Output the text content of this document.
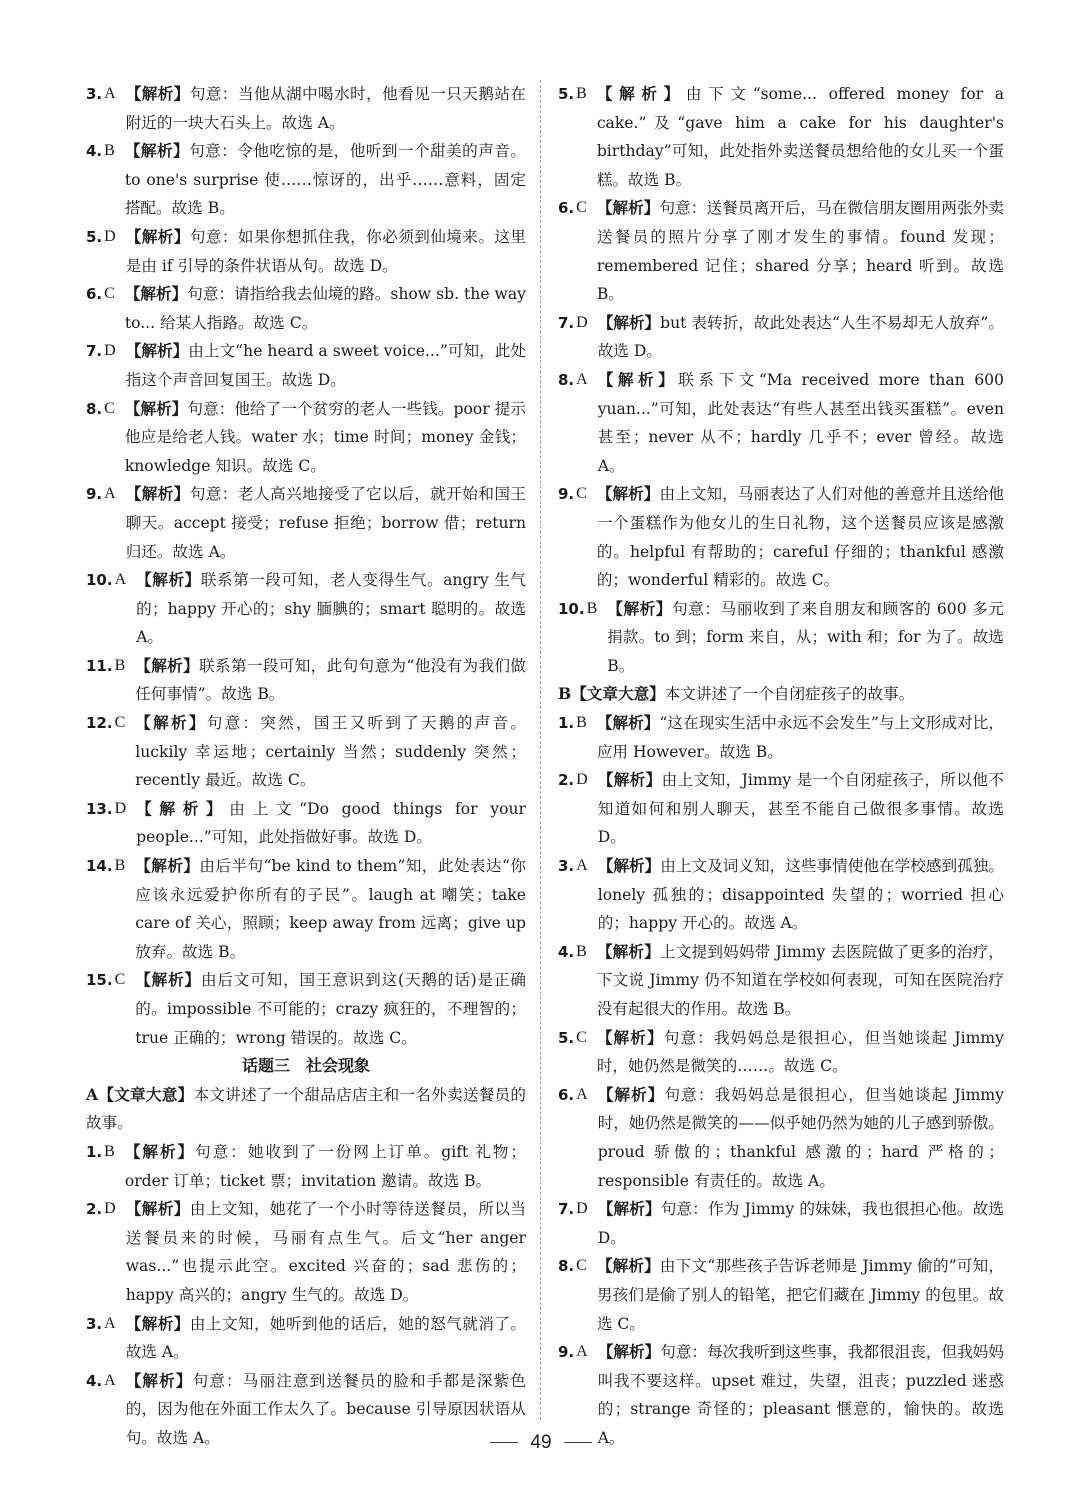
3. A 【解析】句意：当他从湖中喝水时，他看见一只天鹅站在附近的一块大石头上。故选 A。
4. B 【解析】句意：令他吃惊的是，他听到一个甜美的声音。to one's surprise 使……惊讶的，出乎……意料，固定搭配。故选 B。
5. D 【解析】句意：如果你想抓住我，你必须到仙境来。这里是由 if 引导的条件状语从句。故选 D。
6. C 【解析】句意：请指给我去仙境的路。show sb. the way to... 给某人指路。故选 C。
7. D 【解析】由上文“he heard a sweet voice...”可知，此处指这个声音回复国王。故选 D。
8. C 【解析】句意：他给了一个贫穷的老人一些钱。poor 提示他应是给老人钱。water 水；time 时间；money 金钱；knowledge 知识。故选 C。
9. A 【解析】句意：老人高兴地接受了它以后，就开始和国王聊天。accept 接受；refuse 拒绝；borrow 借；return 归还。故选 A。
10. A 【解析】联系第一段可知，老人变得生气。angry 生气的；happy 开心的；shy 腼腆的；smart 聪明的。故选 A。
11. B 【解析】联系第一段可知，此句句意为“他没有为我们做任何事情”。故选 B。
12. C 【解析】句意：突然，国王又听到了天鹅的声音。luckily 幸运地；certainly 当然；suddenly 突然；recently 最近。故选 C。
13. D 【解析】由上文“Do good things for your people...”可知，此处指做好事。故选 D。
14. B 【解析】由后半句“be kind to them”知，此处表达“你应该永远爱护你所有的子民”。laugh at 嘲笑；take care of 关心，照顾；keep away from 远离；give up 放弃。故选 B。
15. C 【解析】由后文可知，国王意识到这(天鹅的话)是正确的。impossible 不可能的；crazy 疯狂的，不理智的；true 正确的；wrong 错误的。故选 C。
话题三　社会现象
A【文章大意】本文讲述了一个甜品店店主和一名外卖送餐员的故事。
1. B 【解析】句意：她收到了一份网上订单。gift 礼物；order 订单；ticket 票；invitation 邀请。故选 B。
2. D 【解析】由上文知，她花了一个小时等待送餐员，所以当送餐员来的时候，马丽有点生气。后文“her anger was...”也提示此空。excited 兴奋的；sad 悲伤的；happy 高兴的；angry 生气的。故选 D。
3. A 【解析】由上文知，她听到他的话后，她的怒气就消了。故选 A。
4. A 【解析】句意：马丽注意到送餐员的脸和手都是深紫色的，因为他在外面工作太久了。because 引导原因状语从句。故选 A。
5. B 【解析】由下文“some... offered money for a cake.”及“gave him a cake for his daughter's birthday”可知，此处指外卖送餐员想给他的女儿买一个蛋糕。故选 B。
6. C 【解析】句意：送餐员离开后，马在微信朋友圈用两张外卖送餐员的照片分享了刚才发生的事情。found 发现；remembered 记住；shared 分享；heard 听到。故选 B。
7. D 【解析】but 表转折，故此处表达“人生不易却无人放弃”。故选 D。
8. A 【解析】联系下文“Ma received more than 600 yuan...”可知，此处表达“有些人甚至出钱买蛋糕”。even 甚至；never 从不；hardly 几乎不；ever 曾经。故选 A。
9. C 【解析】由上文知，马丽表达了人们对他的善意并且送给他一个蛋糕作为他女儿的生日礼物，这个送餐员应该是感激的。helpful 有帮助的；careful 仔细的；thankful 感激的；wonderful 精彩的。故选 C。
10. B 【解析】句意：马丽收到了来自朋友和顾客的 600 多元捐款。to 到；form 来自，从；with 和；for 为了。故选 B。
B【文章大意】本文讲述了一个自闭症孩子的故事。
1. B 【解析】“这在现实生活中永远不会发生”与上文形成对比，应用 However。故选 B。
2. D 【解析】由上文知，Jimmy 是一个自闭症孩子，所以他不知道如何和别人聊天，甚至不能自己做很多事情。故选 D。
3. A 【解析】由上文及词义知，这些事情使他在学校感到孤独。lonely 孤独的；disappointed 失望的；worried 担心的；happy 开心的。故选 A。
4. B 【解析】上文提到妈妈带 Jimmy 去医院做了更多的治疗，下文说 Jimmy 仍不知道在学校如何表现，可知在医院治疗没有起很大的作用。故选 B。
5. C 【解析】句意：我妈妈总是很担心，但当她谈起 Jimmy 时，她仍然是微笑的……。故选 C。
6. A 【解析】句意：我妈妈总是很担心，但当她谈起 Jimmy 时，她仍然是微笑的——似乎她仍然为她的儿子感到骄傲。proud 骄傲的；thankful 感激的；hard 严格的；responsible 有责任的。故选 A。
7. D 【解析】句意：作为 Jimmy 的妹妹，我也很担心他。故选 D。
8. C 【解析】由下文“那些孩子告诉老师是 Jimmy 偷的”可知，男孩们是偷了别人的铅笔，把它们藏在 Jimmy 的包里。故选 C。
9. A 【解析】句意：每次我听到这些事，我都很沮丧，但我妈妈叫我不要这样。upset 难过，失望，沮丧；puzzled 迷惑的；strange 奇怪的；pleasant 惬意的，愉快的。故选 A。
49
